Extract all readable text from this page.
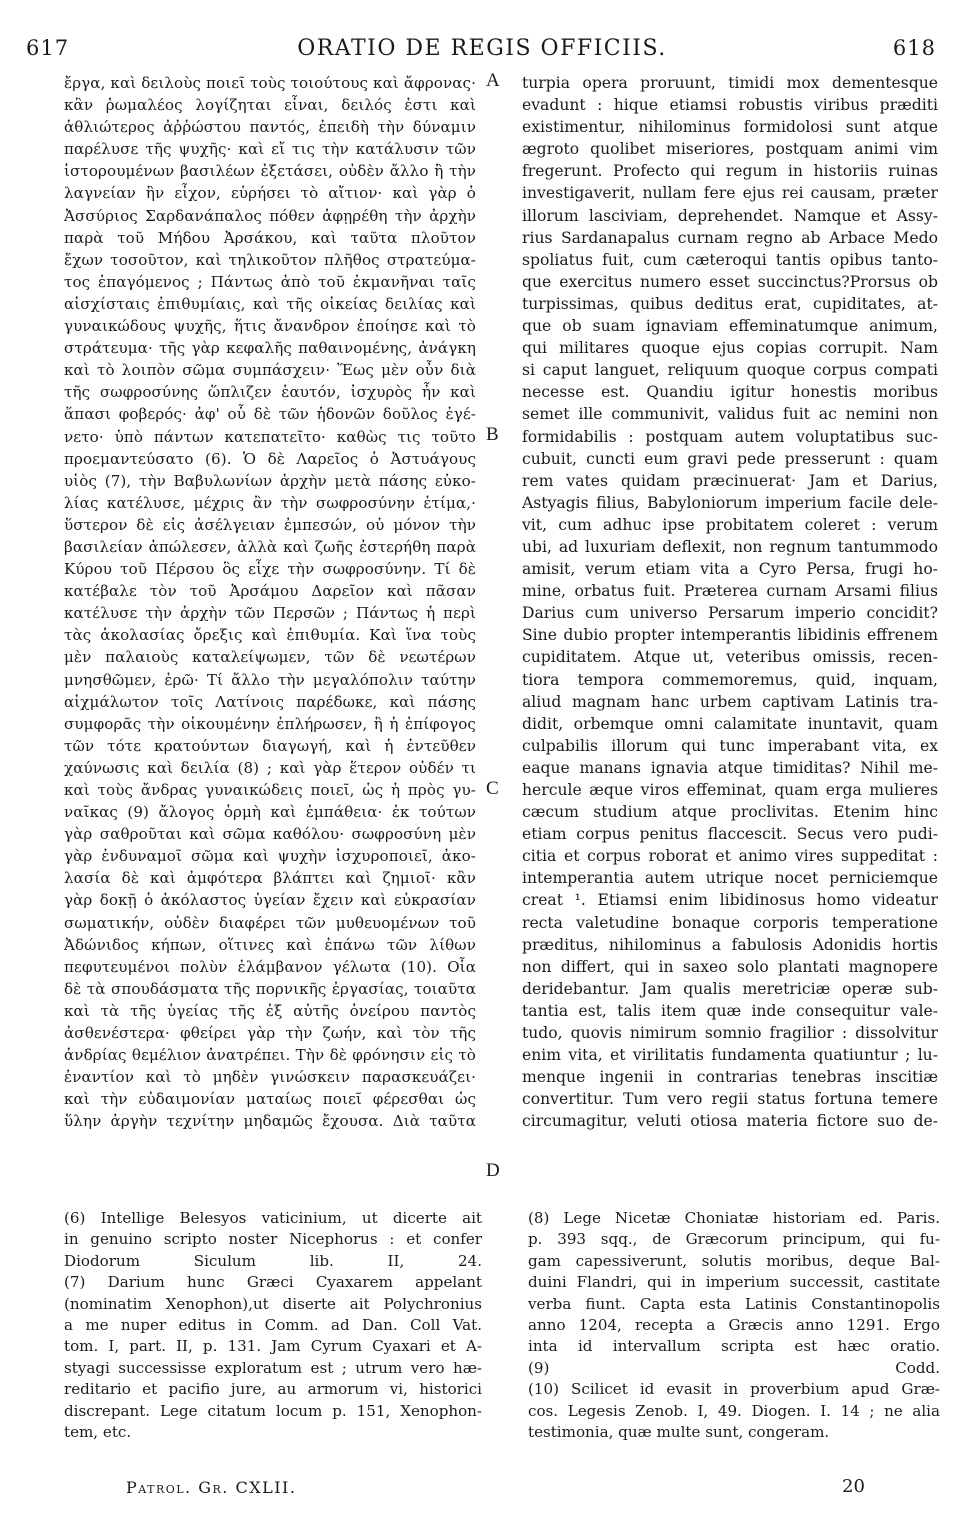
617	ORATIO DE REGIS OFFICIIS.	618
ἔργα, καὶ δειλοὺς ποιεῖ τοὺς τοιούτους καὶ ἄφρονας·
κἂν ῥωμαλέος λογίζηται εἶναι, δειλός ἐστι καὶ
ἀθλιώτερος ἀῤῥώστου παντός, ἐπειδὴ τὴν δύναμιν
παρέλυσε τῆς ψυχῆς· καὶ εἴ τις τὴν κατάλυσιν τῶν
ἱστορουμένων βασιλέων ἐξετάσει, οὐδὲν ἄλλο ἢ τὴν
λαγνείαν ἣν εἶχον, εὑρήσει τὸ αἴτιον· καὶ γὰρ ὁ
Ἀσσύριος Σαρδανάπαλος πόθεν ἀφῃρέθη τὴν ἀρχὴν
παρὰ τοῦ Μήδου Ἀρσάκου, καὶ ταῦτα πλοῦτον
ἔχων τοσοῦτον, καὶ τηλικοῦτον πλῆθος στρατεύμα-
τος ἐπαγόμενος ; Πάντως ἀπὸ τοῦ ἐκμανῆναι ταῖς
αἰσχίσταις ἐπιθυμίαις, καὶ τῆς οἰκείας δειλίας καὶ
γυναικώδους ψυχῆς, ἥτις ἄνανδρον ἐποίησε καὶ τὸ
στράτευμα· τῆς γὰρ κεφαλῆς παθαινομένης, ἀνάγκη
καὶ τὸ λοιπὸν σῶμα συμπάσχειν· Ἕως μὲν οὖν διὰ
τῆς σωφροσύνης ὥπλιζεν ἑαυτόν, ἰσχυρὸς ἦν καὶ
ἅπασι φοβερός· ἀφ' οὗ δὲ τῶν ἡδονῶν δοῦλος ἐγέ-
νετο· ὑπὸ πάντων κατεπατεῖτο· καθὼς τις τοῦτο
προεμαντεύσατο (6). Ὁ δὲ Λαρεῖος ὁ Ἀστυάγους
υἱὸς (7), τὴν Βαβυλωνίων ἀρχὴν μετὰ πάσης εὐκο-
λίας κατέλυσε, μέχρις ἂν τὴν σωφροσύνην ἐτίμα,·
ὕστερον δὲ εἰς ἀσέλγειαν ἐμπεσών, οὐ μόνον τὴν
βασιλείαν ἀπώλεσεν, ἀλλὰ καὶ ζωῆς ἐστερήθη παρὰ
Κύρου τοῦ Πέρσου ὃς εἶχε τὴν σωφροσύνην. Τί δὲ
κατέβαλε τὸν τοῦ Ἀρσάμου Δαρεῖον καὶ πᾶσαν
κατέλυσε τὴν ἀρχὴν τῶν Περσῶν ; Πάντως ἡ περὶ
τὰς ἀκολασίας ὄρεξις καὶ ἐπιθυμία. Καὶ ἵνα τοὺς
μὲν παλαιοὺς καταλείψωμεν, τῶν δὲ νεωτέρων
μνησθῶμεν, ἐρῶ· Τί ἄλλο τὴν μεγαλόπολιν ταύτην
αἰχμάλωτον τοῖς Λατίνοις παρέδωκε, καὶ πάσης
συμφορᾶς τὴν οἰκουμένην ἐπλήρωσεν, ἢ ἡ ἐπίφογος
τῶν τότε κρατούντων διαγωγή, καὶ ἡ ἐντεῦθεν
χαύνωσις καὶ δειλία (8) ; καὶ γὰρ ἕτερον οὐδέν τι
καὶ τοὺς ἄνδρας γυναικώδεις ποιεῖ, ὡς ἡ πρὸς γυ-
ναῖκας (9) ἄλογος ὁρμὴ καὶ ἐμπάθεια· ἐκ τούτων
γὰρ σαθροῦται καὶ σῶμα καθόλου· σωφροσύνη μὲν
γὰρ ἐνδυναμοῖ σῶμα καὶ ψυχὴν ἰσχυροποιεῖ, ἀκο-
λασία δὲ καὶ ἀμφότερα βλάπτει καὶ ζημιοῖ· κἂν
γὰρ δοκῇ ὁ ἀκόλαστος ὑγείαν ἔχειν καὶ εὐκρασίαν
σωματικήν, οὐδὲν διαφέρει τῶν μυθευομένων τοῦ
Ἀδώνιδος κήπων, οἵτινες καὶ ἐπάνω τῶν λίθων
πεφυτευμένοι πολὺν ἐλάμβανον γέλωτα (10). Οἷα
δὲ τὰ σπουδάσματα τῆς πορνικῆς ἐργασίας, τοιαῦτα
καὶ τὰ τῆς ὑγείας τῆς ἐξ αὐτῆς ὀνείρου παντὸς
ἀσθενέστερα· φθείρει γὰρ τὴν ζωήν, καὶ τὸν τῆς
ἀνδρίας θεμέλιον ἀνατρέπει. Τὴν δὲ φρόνησιν εἰς τὸ
ἐναντίον καὶ τὸ μηδὲν γινώσκειν παρασκευάζει·
καὶ τὴν εὐδαιμονίαν ματαίως ποιεῖ φέρεσθαι ὡς
ὕλην ἀργὴν τεχνίτην μηδαμῶς ἔχουσα. Διὰ ταῦτα
turpia opera proruunt, timidi mox dementesque
evadunt : hique etiamsi robustis viribus præditi
existimentur, nihilominus formidolosi sunt atque
ægroto quolibet miseriores, postquam animi vim
fregerunt. Profecto qui regum in historiis ruinas
investigaverit, nullam fere ejus rei causam, præter
illorum lasciviam, deprehendet. Namque et Assy-
rius Sardanapalus curnam regno ab Arbace Medo
spoliatus fuit, cum cæteroqui tantis opibus tanto-
que exercitus numero esset succinctus?Prorsus ob
turpissimas, quibus deditus erat, cupiditates, at-
que ob suam ignaviam effeminatumque animum,
qui militares quoque ejus copias corrupit. Nam
si caput languet, reliquum quoque corpus compati
necesse est. Quandiu igitur honestis moribus
semet ille communivit, validus fuit ac nemini non
formidabilis : postquam autem voluptatibus suc-
cubuit, cuncti eum gravi pede presserunt : quam
rem vates quidam præcinuerat· Jam et Darius,
Astyagis filius, Babyloniorum imperium facile dele-
vit, cum adhuc ipse probitatem coleret : verum
ubi, ad luxuriam deflexit, non regnum tantummodo
amisit, verum etiam vita a Cyro Persa, frugi ho-
mine, orbatus fuit. Præterea curnam Arsami filius
Darius cum universo Persarum imperio concidit?
Sine dubio propter intemperantis libidinis effrenem
cupiditatem. Atque ut, veteribus omissis, recen-
tiora tempora commemoremus, quid, inquam,
aliud magnam hanc urbem captivam Latinis tra-
didit, orbemque omni calamitate inuntavit, quam
culpabilis illorum qui tunc imperabant vita, ex
eaque manans ignavia atque timiditas? Nihil me-
hercule æque viros effeminat, quam erga mulieres
cæcum studium atque proclivitas. Etenim hinc
etiam corpus penitus flaccescit. Secus vero pudi-
citia et corpus roborat et animo vires suppeditat :
intemperantia autem utrique nocet perniciemque
creat ¹. Etiamsi enim libidinosus homo videatur
recta valetudine bonaque corporis temperatione
præditus, nihilominus a fabulosis Adonidis hortis
non differt, qui in saxeo solo plantati magnopere
deridebantur. Jam qualis meretriciæ operæ sub-
tantia est, talis item quæ inde consequitur vale-
tudo, quovis nimirum somnio fragilior : dissolvitur
enim vita, et virilitatis fundamenta quatiuntur ; lu-
menque ingenii in contrarias tenebras inscitiæ
convertitur. Tum vero regii status fortuna temere
circumagitur, veluti otiosa materia fictore suo de-
A
B
C
D
(6) Intellige Belesyos vaticinium, ut dicerte ait
in genuino scripto noster Nicephorus : et confer
Diodorum Siculum lib. II, 24.
(7) Darium hunc Græci Cyaxarem appelant
(nominatim Xenophon),ut diserte ait Polychronius
a me nuper editus in Comm. ad Dan. Coll Vat.
tom. I, part. II, p. 131. Jam Cyrum Cyaxari et A-
styagi successisse exploratum est ; utrum vero hæ-
reditario et pacifio jure, au armorum vi, historici
discrepant. Lege citatum locum p. 151, Xenophon-
tem, etc.
(8) Lege Nicetæ Choniatæ historiam ed. Paris.
p. 393 sqq., de Græcorum principum, qui fu-
gam capessiverunt, solutis moribus, deque Bal-
duini Flandri, qui in imperium successit, castitate
verba fiunt. Capta esta Latinis Constantinopolis
anno 1204, recepta a Græcis anno 1291. Ergo
inta id intervallum scripta est hæc oratio.
(9) Codd.
(10) Scilicet id evasit in proverbium apud Græ-
cos. Legesis Zenob. I, 49. Diogen. I. 14 ; ne alia
testimonia, quæ multe sunt, congeram.
Patrol. Gr. CXLII.	20
